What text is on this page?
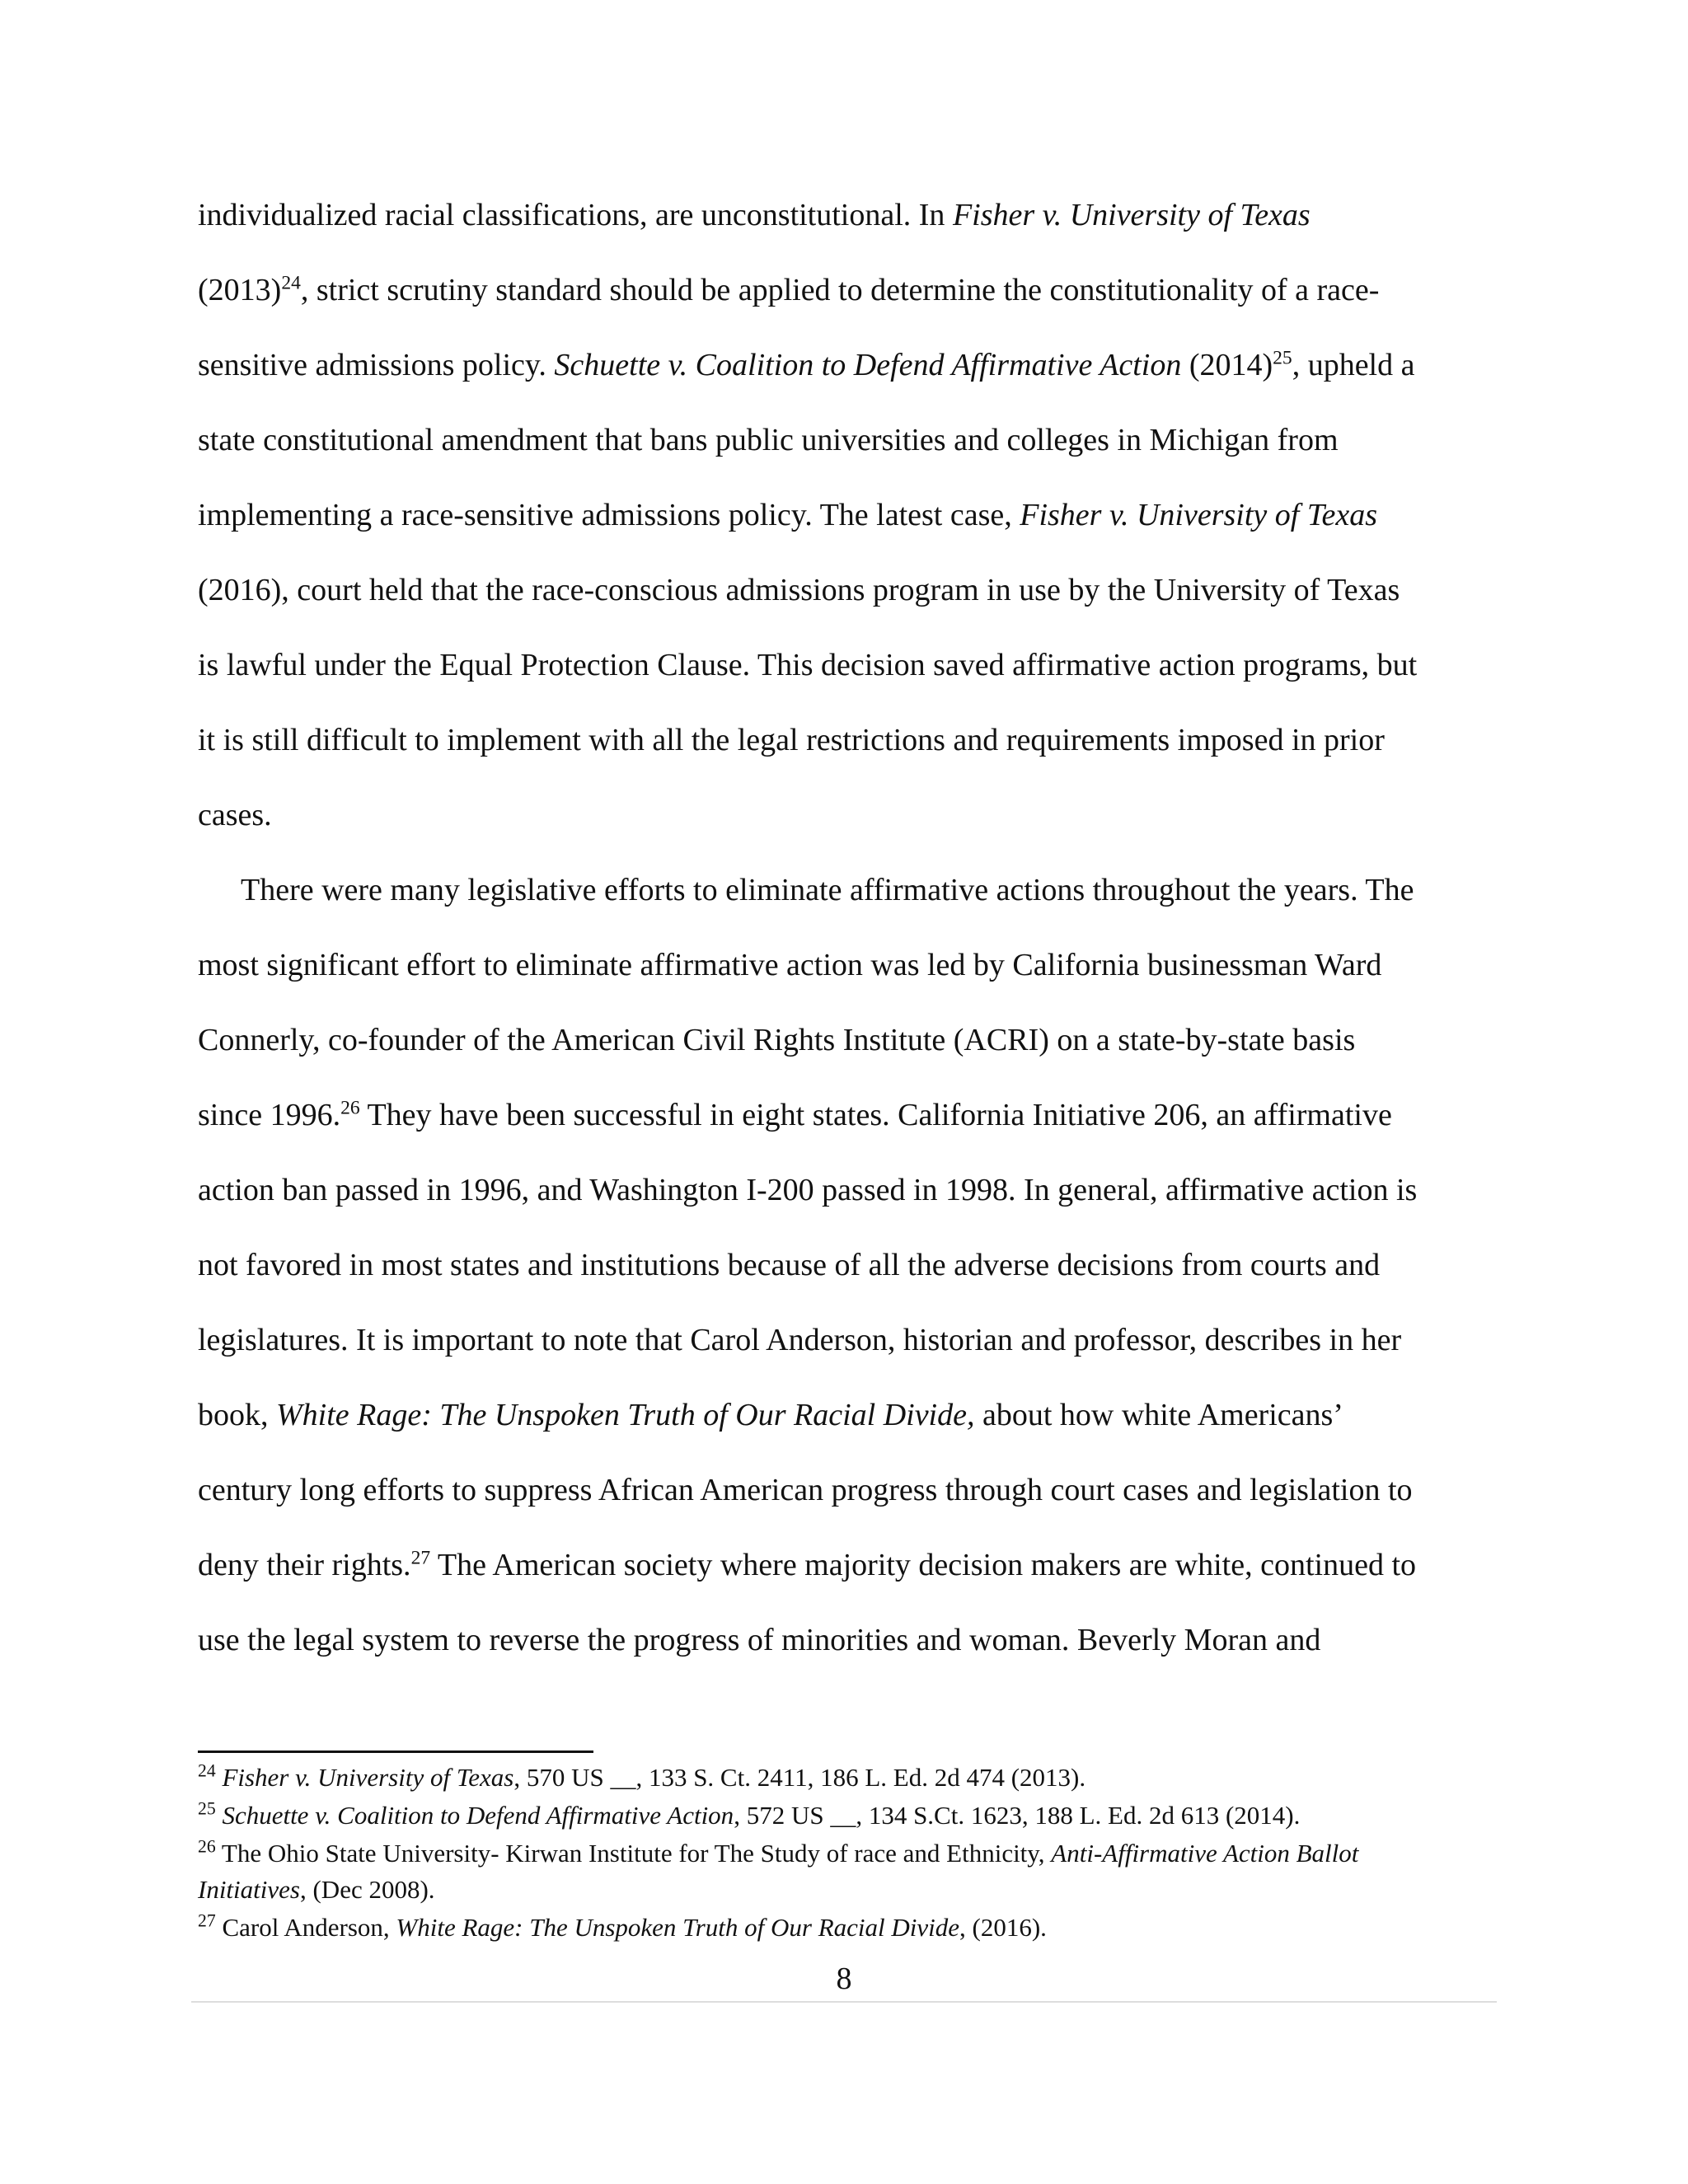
individualized racial classifications, are unconstitutional. In Fisher v. University of Texas
$(2013)^{24}$, strict scrutiny standard should be applied to determine the constitutionality of a race-
sensitive admissions policy. Schuette v. Coalition to Defend Affirmative Action $(2014)^{25}$, upheld a
state constitutional amendment that bans public universities and colleges in Michigan from
implementing a race-sensitive admissions policy. The latest case, Fisher v. University of Texas
(2016), court held that the race-conscious admissions program in use by the University of Texas
is lawful under the Equal Protection Clause. This decision saved affirmative action programs, but
it is still difficult to implement with all the legal restrictions and requirements imposed in prior
cases.
There were many legislative efforts to eliminate affirmative actions throughout the years. The
most significant effort to eliminate affirmative action was led by California businessman Ward
Connerly, co-founder of the American Civil Rights Institute (ACRI) on a state-by-state basis
since 1996.26 They have been successful in eight states. California Initiative 206, an affirmative
action ban passed in 1996, and Washington I-200 passed in 1998. In general, affirmative action is
not favored in most states and institutions because of all the adverse decisions from courts and
legislatures. It is important to note that Carol Anderson, historian and professor, describes in her
book, White Rage: The Unspoken Truth of Our Racial Divide, about how white Americans’
century long efforts to suppress African American progress through court cases and legislation to
deny their rights.$^{27}$ The American society where majority decision makers are white, continued to
use the legal system to reverse the progress of minorities and woman. Beverly Moran and
$^{24}$ Fisher v. University of Texas, 570 US __, 133 S. Ct. 2411, 186 L. Ed. 2d 474 (2013).
$^{25}$ Schuette v. Coalition to Defend Affirmative Action, 572 US __, 134 S.Ct. 1623, 188 L. Ed. 2d 613 (2014).
$^{26}$ The Ohio State University- Kirwan Institute for The Study of race and Ethnicity, Anti-Affirmative Action Ballot
Initiatives, (Dec 2008).
$^{27}$ Carol Anderson, White Rage: The Unspoken Truth of Our Racial Divide, (2016).
8
